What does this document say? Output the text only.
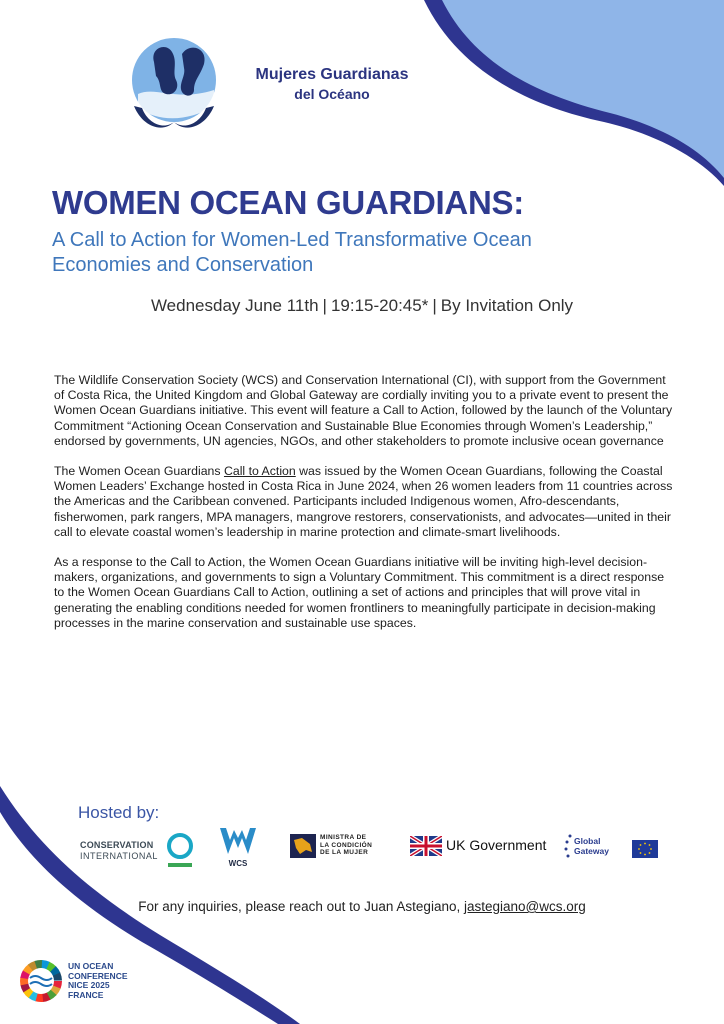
Mujeres Guardianas
del Océano
WOMEN OCEAN GUARDIANS:
A Call to Action for Women-Led Transformative Ocean Economies and Conservation
Wednesday June 11th | 19:15-20:45* | By Invitation Only

The Wildlife Conservation Society (WCS) and Conservation International (CI), with support from the Government of Costa Rica, the United Kingdom and Global Gateway are cordially inviting you to a private event to present the Women Ocean Guardians initiative. This event will feature a Call to Action, followed by the launch of the Voluntary Commitment “Actioning Ocean Conservation and Sustainable Blue Economies through Women’s Leadership,” endorsed by governments, UN agencies, NGOs, and other stakeholders to promote inclusive ocean governance

The Women Ocean Guardians Call to Action was issued by the Women Ocean Guardians, following the Coastal Women Leaders’ Exchange hosted in Costa Rica in June 2024, when 26 women leaders from 11 countries across the Americas and the Caribbean convened. Participants included Indigenous women, Afro-descendants, fisherwomen, park rangers, MPA managers, mangrove restorers, conservationists, and advocates—united in their call to elevate coastal women’s leadership in marine protection and climate-smart livelihoods.

As a response to the Call to Action, the Women Ocean Guardians initiative will be inviting high-level decision-makers, organizations, and governments to sign a Voluntary Commitment. This commitment is a direct response to the Women Ocean Guardians Call to Action, outlining a set of actions and principles that will prove vital in generating the enabling conditions needed for women frontliners to meaningfully participate in decision-making processes in the marine conservation and sustainable use spaces.

Hosted by:
CONSERVATION
INTERNATIONAL
WCS
MINISTRA DE
LA CONDICIÓN
DE LA MUJER	UK Government	Global
Gateway
For any inquiries, please reach out to Juan Astegiano, jastegiano@wcs.org
UN OCEAN
CONFERENCE
NICE 2025
FRANCE
